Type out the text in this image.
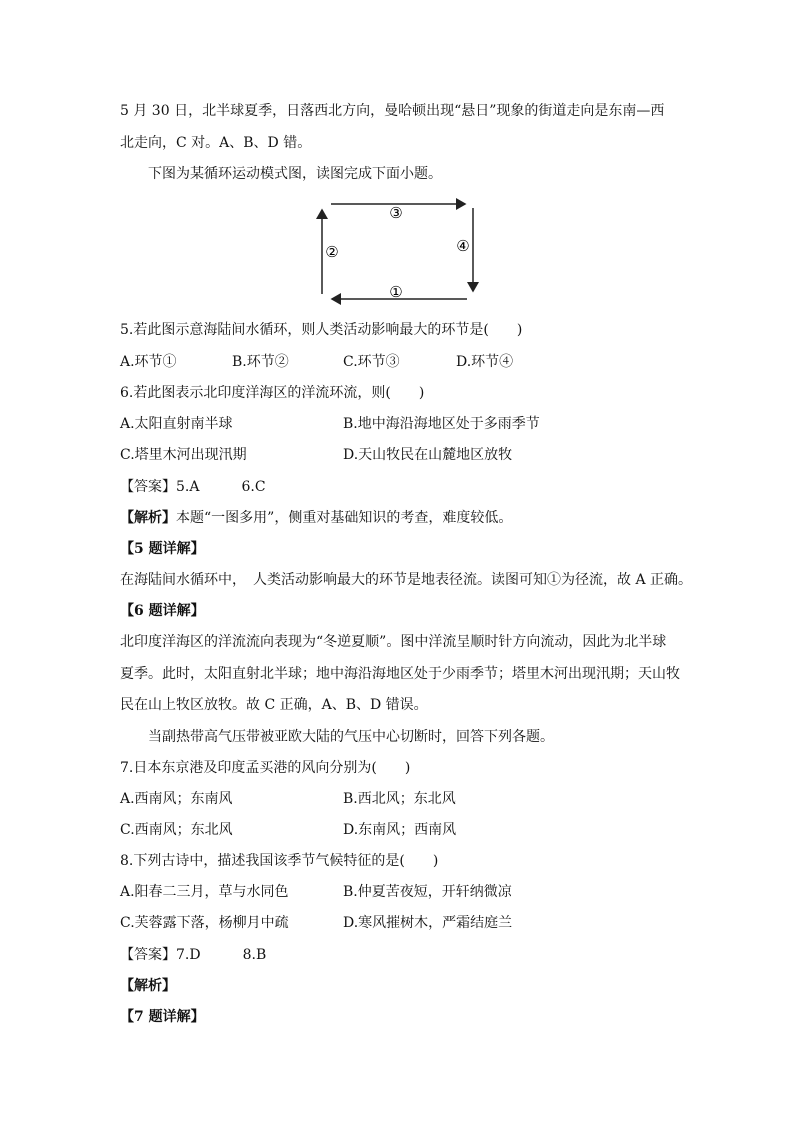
5 月 30 日，北半球夏季，日落西北方向，曼哈顿出现“悬日”现象的街道走向是东南—西
北走向，C 对。A、B、D 错。
下图为某循环运动模式图，读图完成下面小题。
③
②	④
①
5.若此图示意海陆间水循环，则人类活动影响最大的环节是(　　)
A.环节①	B.环节②	C.环节③	D.环节④
6.若此图表示北印度洋海区的洋流环流，则(　　)
A.太阳直射南半球	B.地中海沿海地区处于多雨季节
C.塔里木河出现汛期	D.天山牧民在山麓地区放牧
【答案】5.A　　　6.C
【解析】本题“一图多用”，侧重对基础知识的考查，难度较低。
【5 题详解】
在海陆间水循环中，　人类活动影响最大的环节是地表径流。读图可知①为径流，故 A 正确。
【6 题详解】
北印度洋海区的洋流流向表现为“冬逆夏顺”。图中洋流呈顺时针方向流动，因此为北半球
夏季。此时，太阳直射北半球；地中海沿海地区处于少雨季节；塔里木河出现汛期；天山牧
民在山上牧区放牧。故 C 正确，A、B、D 错误。
当副热带高气压带被亚欧大陆的气压中心切断时，回答下列各题。
7.日本东京港及印度孟买港的风向分别为(　　)
A.西南风；东南风	B.西北风；东北风
C.西南风；东北风	D.东南风；西南风
8.下列古诗中，描述我国该季节气候特征的是(　　)
A.阳春二三月，草与水同色	B.仲夏苦夜短，开轩纳微凉
C.芙蓉露下落，杨柳月中疏	D.寒风摧树木，严霜结庭兰
【答案】7.D　　　8.B
【解析】
【7 题详解】
